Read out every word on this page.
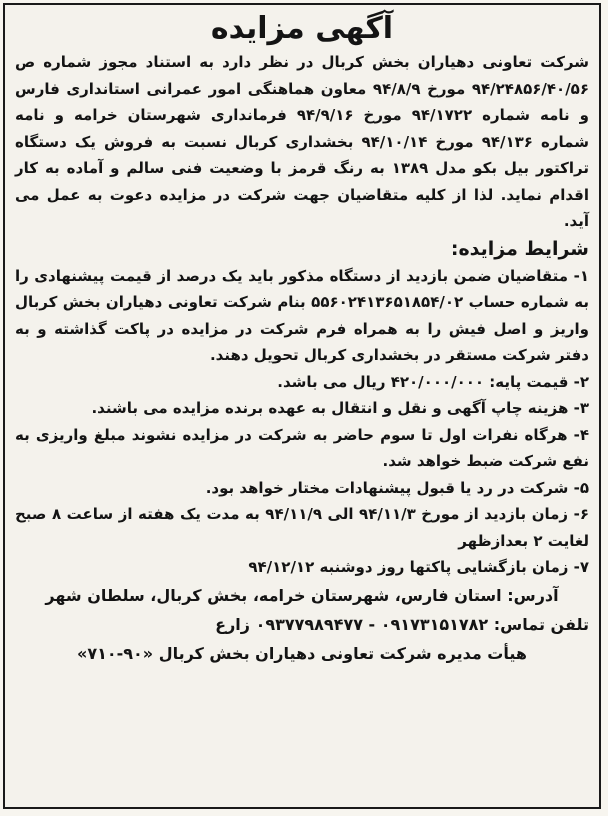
آگهی مزایده

شرکت تعاونی دهیاران بخش کربال در نظر دارد به استناد مجوز شماره ص ۹۴/۲۴۸۵۶/۴۰/۵۶ مورخ ۹۴/۸/۹ معاون هماهنگی امور عمرانی استانداری فارس و نامه شماره ۹۴/۱۷۲۲ مورخ ۹۴/۹/۱۶ فرمانداری شهرستان خرامه و نامه شماره ۹۴/۱۳۶ مورخ ۹۴/۱۰/۱۴ بخشداری کربال نسبت به فروش یک دستگاه تراکتور بیل بکو مدل ۱۳۸۹ به رنگ قرمز با وضعیت فنی سالم و آماده به کار اقدام نماید. لذا از کلیه متقاضیان جهت شرکت در مزایده دعوت به عمل می آید.

شرایط مزایده:

۱- متقاضیان ضمن بازدید از دستگاه مذکور باید یک درصد از قیمت پیشنهادی را به شماره حساب ۵۵۶۰۲۴۱۳۶۵۱۸۵۴/۰۲ بنام شرکت تعاونی دهیاران بخش کربال واریز و اصل فیش را به همراه فرم شرکت در مزایده در پاکت گذاشته و به دفتر شرکت مستقر در بخشداری کربال تحویل دهند.

۲- قیمت پایه: ۴۲۰/۰۰۰/۰۰۰ ریال می باشد.

۳- هزینه چاپ آگهی و نقل و انتقال به عهده برنده مزایده می باشند.

۴- هرگاه نفرات اول تا سوم حاضر به شرکت در مزایده نشوند مبلغ واریزی به نفع شرکت ضبط خواهد شد.

۵- شرکت در رد یا قبول پیشنهادات مختار خواهد بود.

۶- زمان بازدید از مورخ ۹۴/۱۱/۳ الی ۹۴/۱۱/۹ به مدت یک هفته از ساعت ۸ صبح لغایت ۲ بعدازظهر

۷- زمان بازگشایی پاکتها روز دوشنبه ۹۴/۱۲/۱۲

آدرس: استان فارس، شهرستان خرامه، بخش کربال، سلطان شهر

تلفن تماس: ۰۹۱۷۳۱۵۱۷۸۲ - ۰۹۳۷۷۹۸۹۴۷۷ زارع

هیأت مدیره شرکت تعاونی دهیاران بخش کربال «۹۰-۷۱۰»
